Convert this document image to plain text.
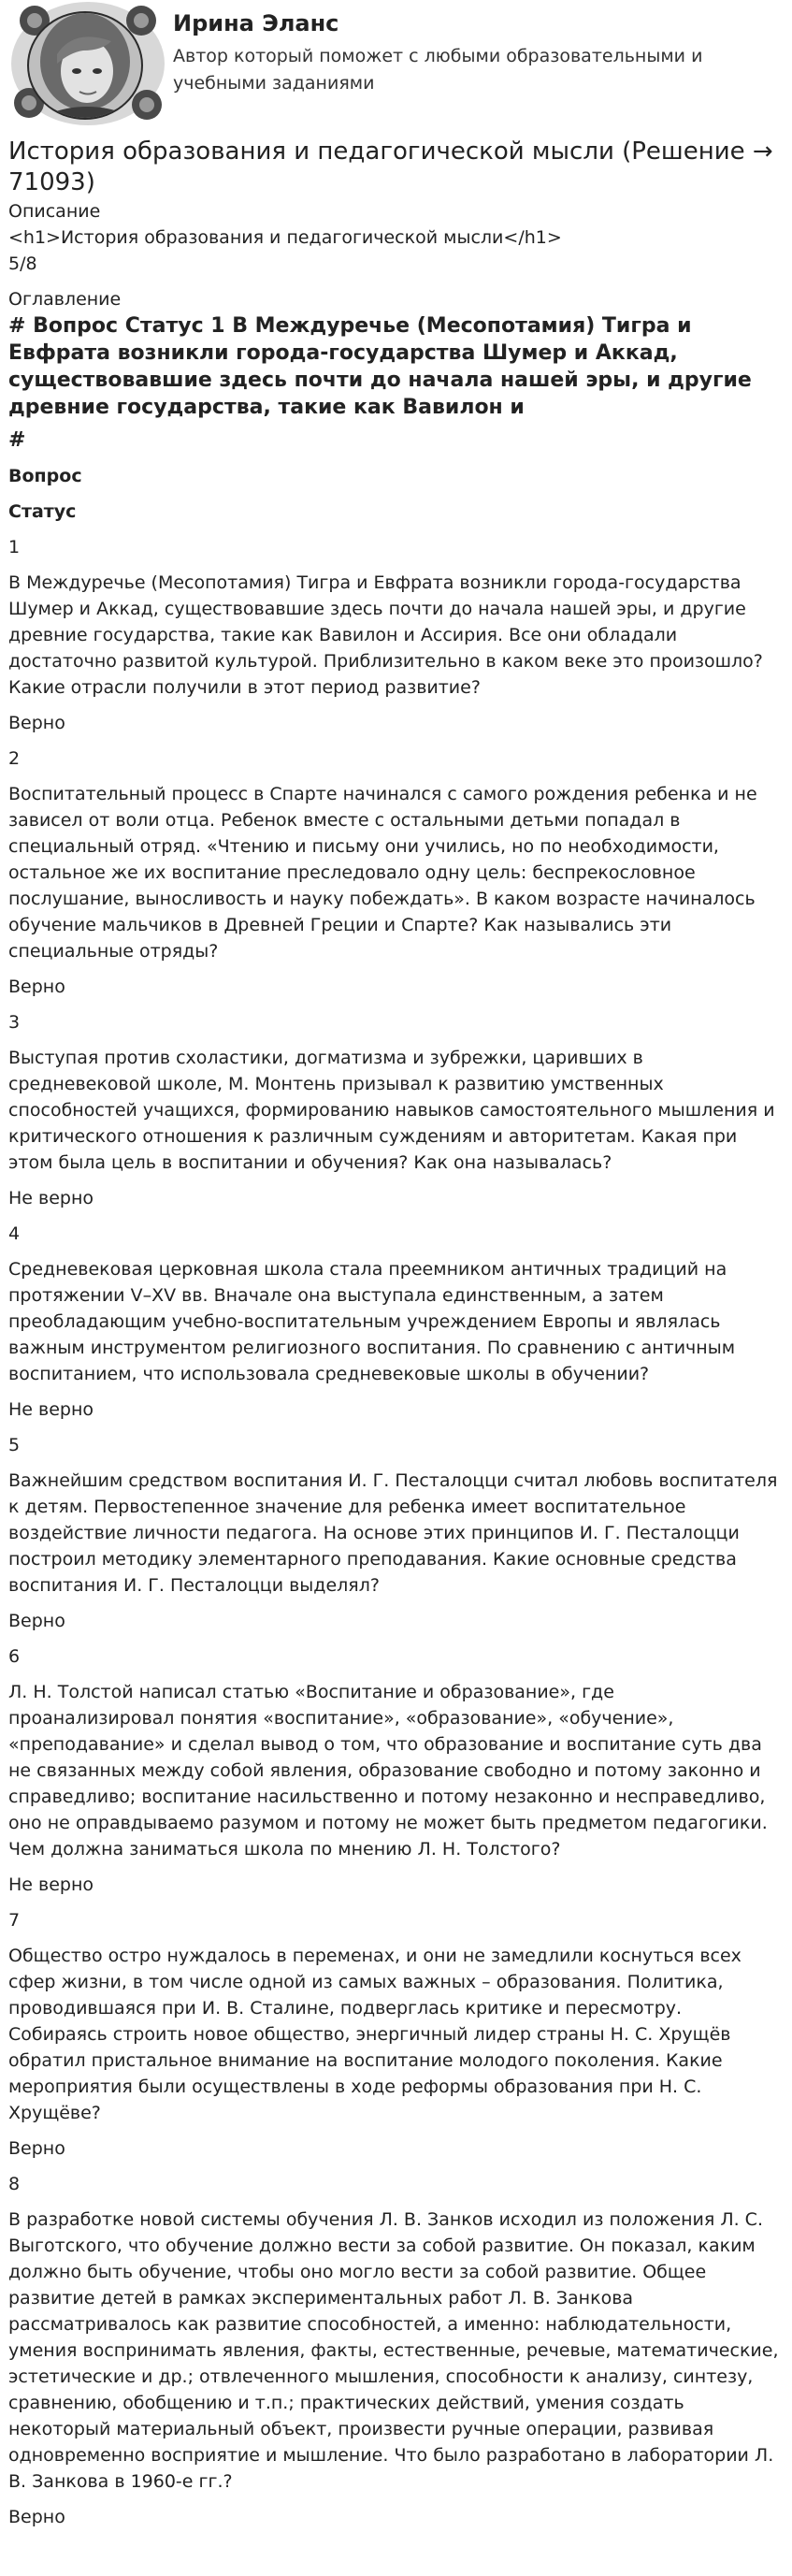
Ирина Эланс
Автор который поможет с любыми образовательными и учебными заданиями
История образования и педагогической мысли (Решение → 71093)
Описание
<h1>История образования и педагогической мысли</h1>
5/8
Оглавление
# Вопрос Статус 1 В Междуречье (Месопотамия) Тигра и Евфрата возникли города-государства Шумер и Аккад, существовавшие здесь почти до начала нашей эры, и другие древние государства, такие как Вавилон и
#
Вопрос
Статус
1
В Междуречье (Месопотамия) Тигра и Евфрата возникли города-государства Шумер и Аккад, существовавшие здесь почти до начала нашей эры, и другие древние государства, такие как Вавилон и Ассирия. Все они обладали достаточно развитой культурой. Приблизительно в каком веке это произошло? Какие отрасли получили в этот период развитие?
Верно
2
Воспитательный процесс в Спарте начинался с самого рождения ребенка и не зависел от воли отца. Ребенок вместе с остальными детьми попадал в специальный отряд. «Чтению и письму они учились, но по необходимости, остальное же их воспитание преследовало одну цель: беспрекословное послушание, выносливость и науку побеждать». В каком возрасте начиналось обучение мальчиков в Древней Греции и Спарте? Как назывались эти специальные отряды?
Верно
3
Выступая против схоластики, догматизма и зубрежки, царивших в средневековой школе, М. Монтень призывал к развитию умственных способностей учащихся, формированию навыков самостоятельного мышления и критического отношения к различным суждениям и авторитетам. Какая при этом была цель в воспитании и обучения? Как она называлась?
Не верно
4
Средневековая церковная школа стала преемником античных традиций на протяжении V–XV вв. Вначале она выступала единственным, а затем преобладающим учебно-воспитательным учреждением Европы и являлась важным инструментом религиозного воспитания. По сравнению с античным воспитанием, что использовала средневековые школы в обучении?
Не верно
5
Важнейшим средством воспитания И. Г. Песталоцци считал любовь воспитателя к детям. Первостепенное значение для ребенка имеет воспитательное воздействие личности педагога. На основе этих принципов И. Г. Песталоцци построил методику элементарного преподавания. Какие основные средства воспитания И. Г. Песталоцци выделял?
Верно
6
Л. Н. Толстой написал статью «Воспитание и образование», где проанализировал понятия «воспитание», «образование», «обучение», «преподавание» и сделал вывод о том, что образование и воспитание суть два не связанных между собой явления, образование свободно и потому законно и справедливо; воспитание насильственно и потому незаконно и несправедливо, оно не оправдываемо разумом и потому не может быть предметом педагогики. Чем должна заниматься школа по мнению Л. Н. Толстого?
Не верно
7
Общество остро нуждалось в переменах, и они не замедлили коснуться всех сфер жизни, в том числе одной из самых важных – образования. Политика, проводившаяся при И. В. Сталине, подверглась критике и пересмотру. Собираясь строить новое общество, энергичный лидер страны Н. С. Хрущёв обратил пристальное внимание на воспитание молодого поколения. Какие мероприятия были осуществлены в ходе реформы образования при Н. С. Хрущёве?
Верно
8
В разработке новой системы обучения Л. В. Занков исходил из положения Л. С. Выготского, что обучение должно вести за собой развитие. Он показал, каким должно быть обучение, чтобы оно могло вести за собой развитие. Общее развитие детей в рамках экспериментальных работ Л. В. Занкова рассматривалось как развитие способностей, а именно: наблюдательности, умения воспринимать явления, факты, естественные, речевые, математические, эстетические и др.; отвлеченного мышления, способности к анализу, синтезу, сравнению, обобщению и т.п.; практических действий, умения создать некоторый материальный объект, произвести ручные операции, развивая одновременно восприятие и мышление. Что было разработано в лаборатории Л. В. Занкова в 1960-е гг.?
Верно
